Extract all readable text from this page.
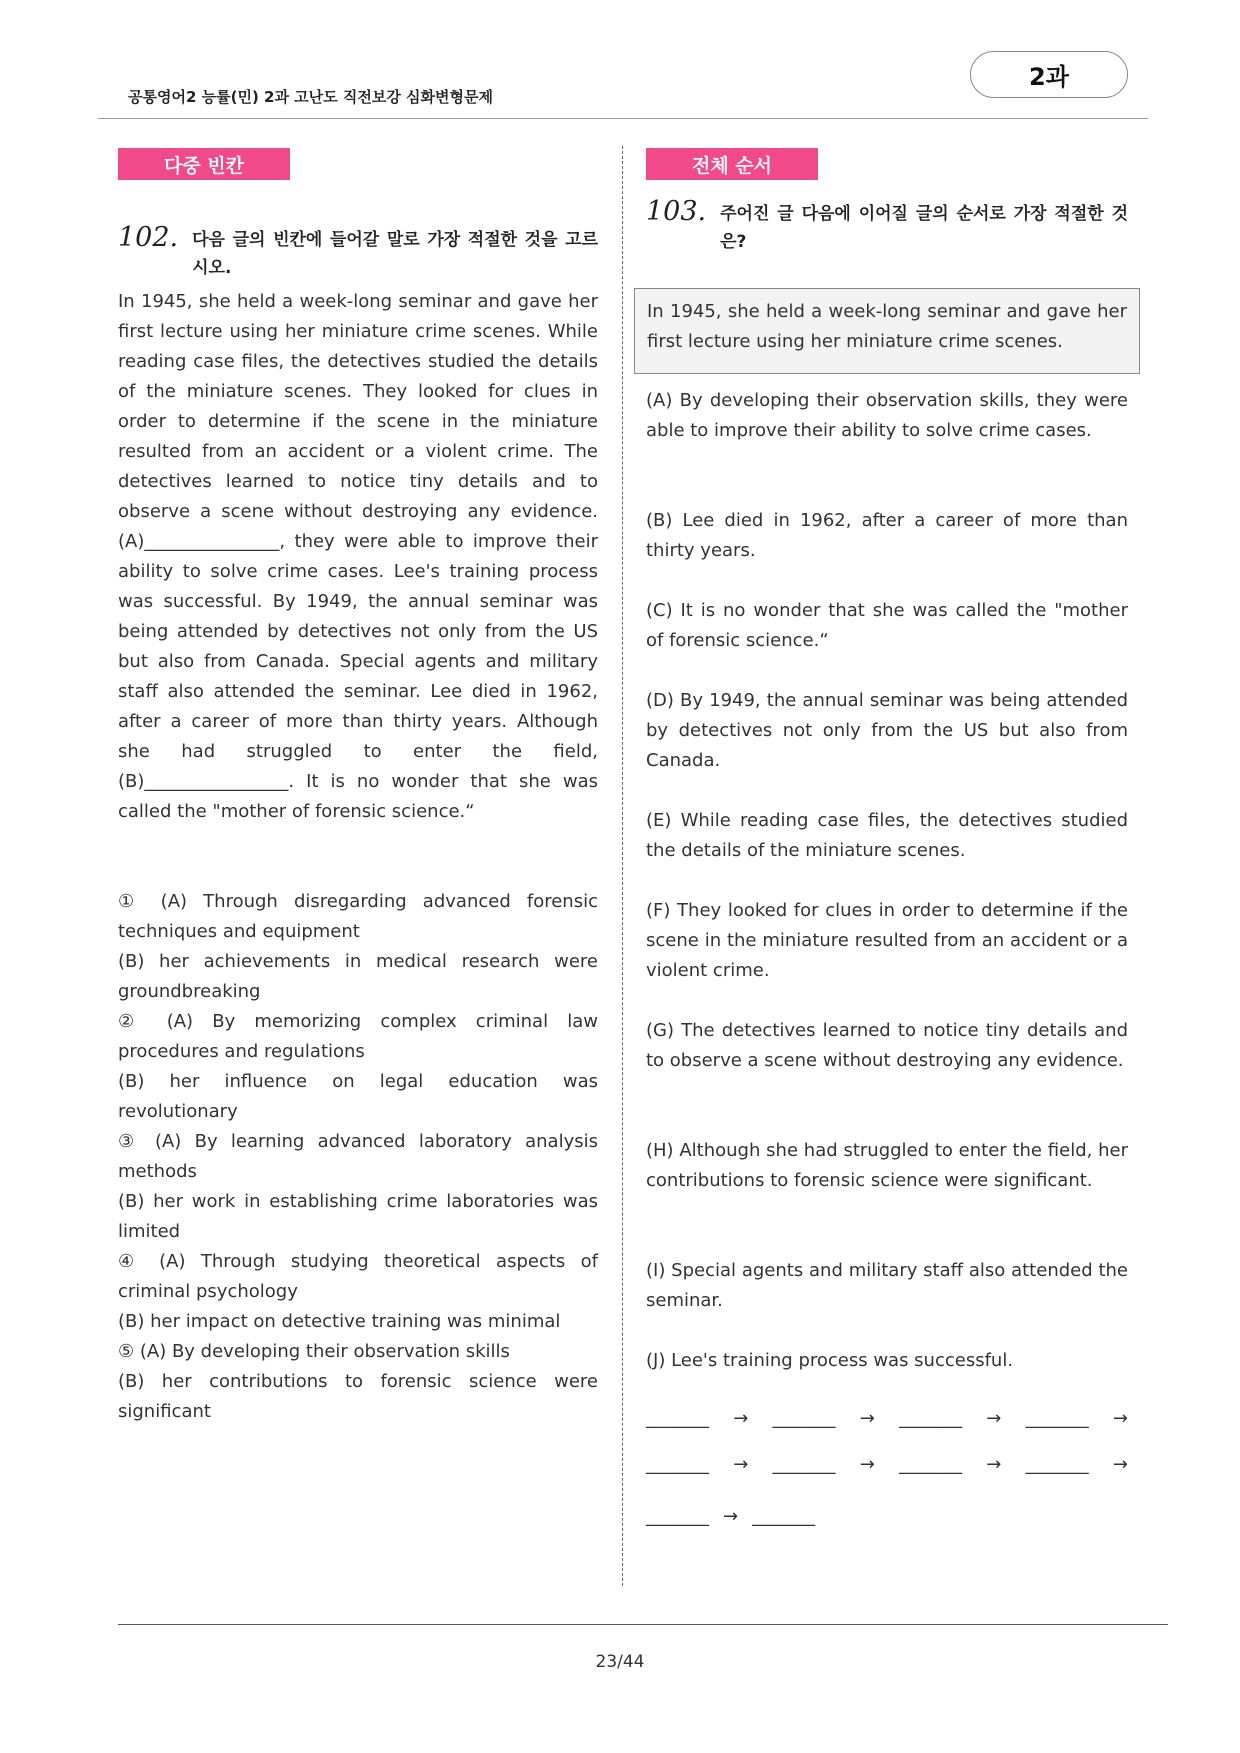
공통영어2 능률(민) 2과 고난도 직전보강 심화변형문제
2과
다중 빈칸
102. 다음 글의 빈칸에 들어갈 말로 가장 적절한 것을 고르시오.

In 1945, she held a week-long seminar and gave her first lecture using her miniature crime scenes. While reading case files, the detectives studied the details of the miniature scenes. They looked for clues in order to determine if the scene in the miniature resulted from an accident or a violent crime. The detectives learned to notice tiny details and to observe a scene without destroying any evidence. (A)_______________, they were able to improve their ability to solve crime cases. Lee's training process was successful. By 1949, the annual seminar was being attended by detectives not only from the US but also from Canada. Special agents and military staff also attended the seminar. Lee died in 1962, after a career of more than thirty years. Although she had struggled to enter the field, (B)________________. It is no wonder that she was called the "mother of forensic science.“

① (A) Through disregarding advanced forensic techniques and equipment

(B) her achievements in medical research were groundbreaking

② (A) By memorizing complex criminal law procedures and regulations

(B) her influence on legal education was revolutionary

③ (A) By learning advanced laboratory analysis methods

(B) her work in establishing crime laboratories was limited

④ (A) Through studying theoretical aspects of criminal psychology

(B) her impact on detective training was minimal

⑤ (A) By developing their observation skills

(B) her contributions to forensic science were significant

전체 순서
103. 주어진 글 다음에 이어질 글의 순서로 가장 적절한 것은?
In 1945, she held a week-long seminar and gave her first lecture using her miniature crime scenes.

(A) By developing their observation skills, they were able to improve their ability to solve crime cases.

(B) Lee died in 1962, after a career of more than thirty years.

(C) It is no wonder that she was called the "mother of forensic science.“

(D) By 1949, the annual seminar was being attended by detectives not only from the US but also from Canada.

(E) While reading case files, the detectives studied the details of the miniature scenes.

(F) They looked for clues in order to determine if the scene in the miniature resulted from an accident or a violent crime.

(G) The detectives learned to notice tiny details and to observe a scene without destroying any evidence.

(H) Although she had struggled to enter the field, her contributions to forensic science were significant.

(I) Special agents and military staff also attended the seminar.

(J) Lee's training process was successful.

_______ → _______ → _______ → _______ →
_______ → _______ → _______ → _______ →
_______ → _______
23/44
